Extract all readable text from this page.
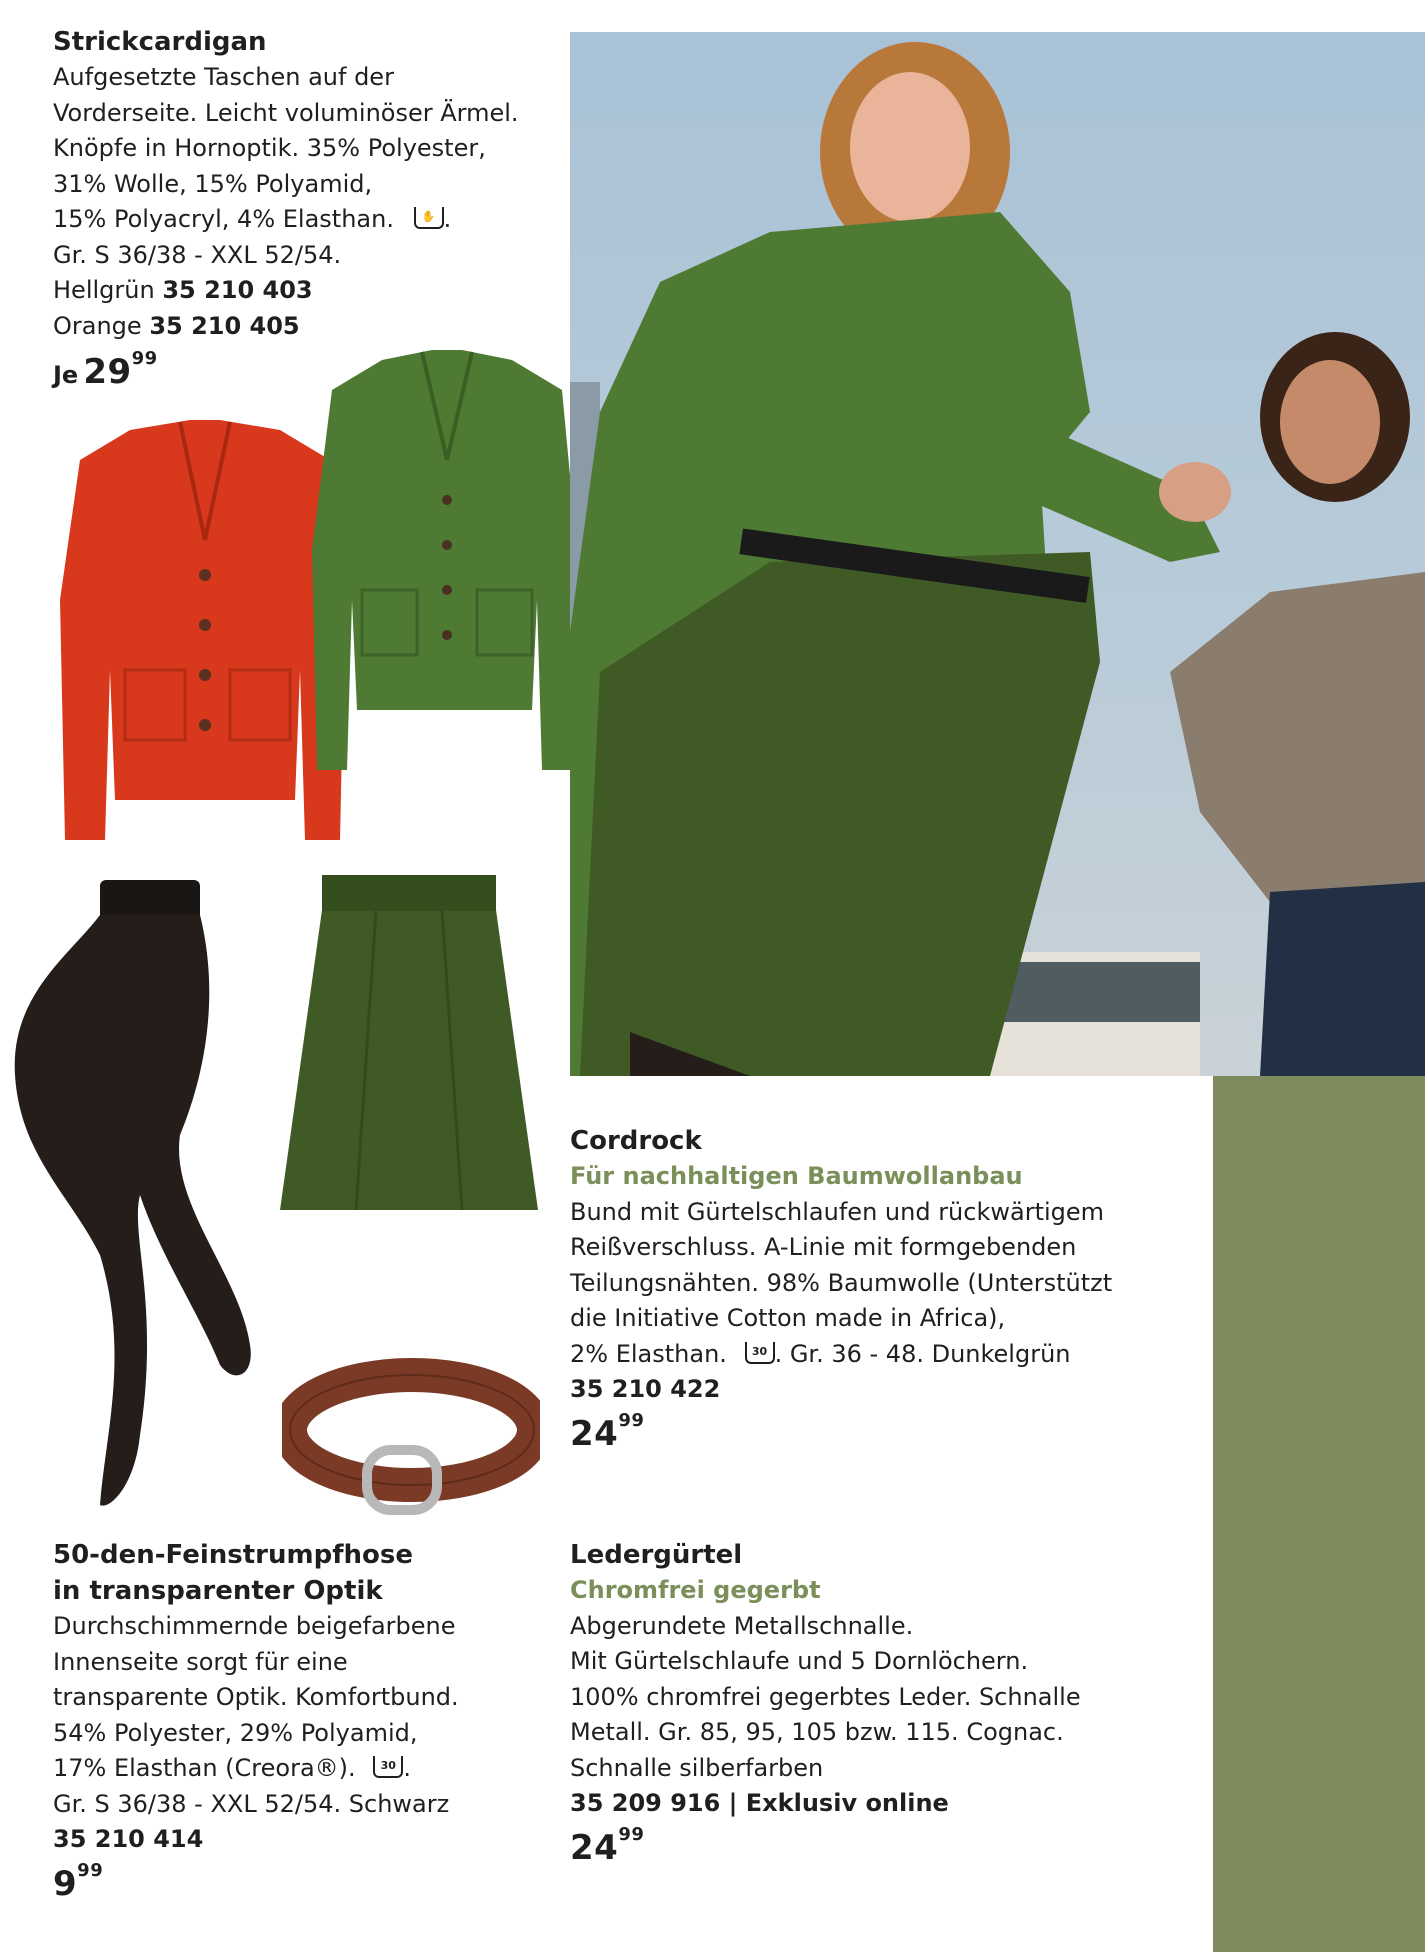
Strickcardigan
Aufgesetzte Taschen auf der
Vorderseite. Leicht voluminöser Ärmel.
Knöpfe in Hornoptik. 35% Polyester,
31% Wolle, 15% Polyamid,
15% Polyacryl, 4% Elasthan.	✋ .
Gr. S 36/38 - XXL 52/54.
Hellgrün 35 210 403
Orange 35 210 405
Je $29^{99}$
Cordrock
Für nachhaltigen Baumwollanbau
Bund mit Gürtelschlaufen und rückwärtigem
Reißverschluss. A-Linie mit formgebenden
Teilungsnähten. 98% Baumwolle (Unterstützt
die Initiative Cotton made in Africa),
2% Elasthan. 30 . Gr. 36 - 48. Dunkelgrün
35 210 422
$24^{99}$
50-den-Feinstrumpfhose
in transparenter Optik
Durchschimmernde beigefarbene
Innenseite sorgt für eine
transparente Optik. Komfortbund.
54% Polyester, 29% Polyamid,
17% Elasthan (Creora®). 30 .
Gr. S 36/38 - XXL 52/54. Schwarz
35 210 414
$9^{99}$
Ledergürtel
Chromfrei gegerbt
Abgerundete Metallschnalle.
Mit Gürtelschlaufe und 5 Dornlöchern.
100% chromfrei gegerbtes Leder. Schnalle
Metall. Gr. 85, 95, 105 bzw. 115. Cognac.
Schnalle silberfarben
35 209 916 | Exklusiv online
$24^{99}$
